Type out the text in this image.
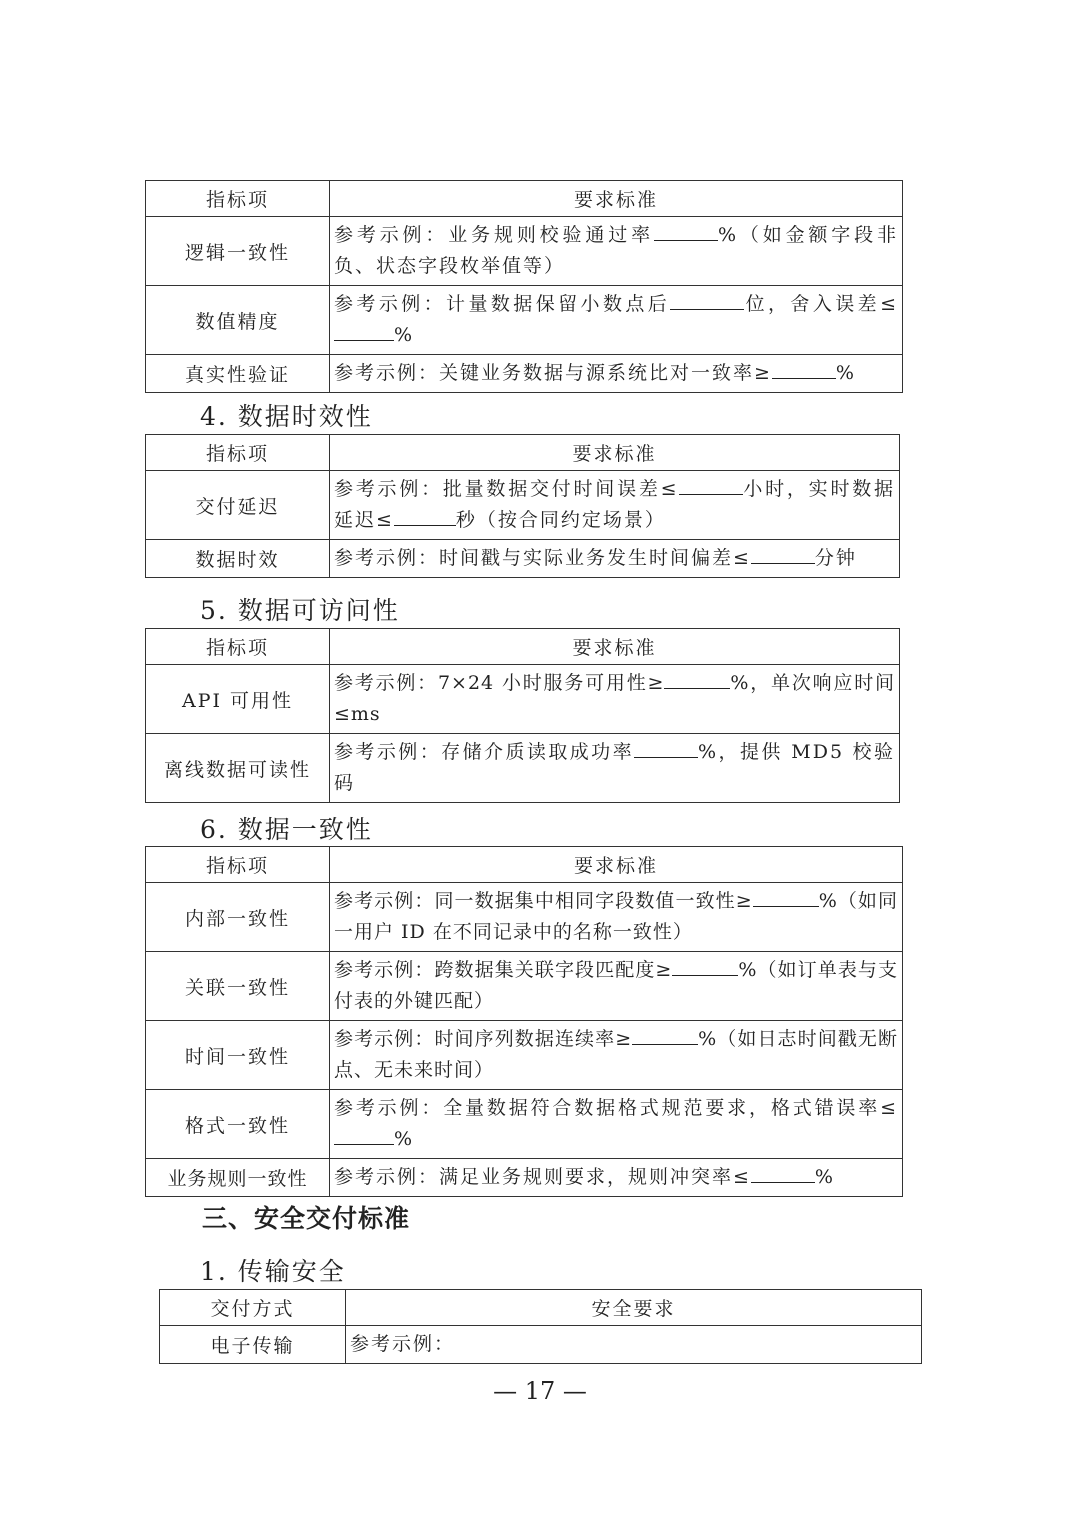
指标项	要求标准
逻辑一致性	参考示例：业务规则校验通过率 %（如金额字段非负、状态字段枚举值等）
数值精度	参考示例：计量数据保留小数点后 位，舍入误差≤%
真实性验证	参考示例：关键业务数据与源系统比对一致率≥ %
4. 数据时效性
指标项	要求标准
交付延迟	参考示例：批量数据交付时间误差≤ 小时，实时数据延迟≤ 秒（按合同约定场景）
数据时效	参考示例：时间戳与实际业务发生时间偏差≤ 分钟
5. 数据可访问性
指标项	要求标准
API 可用性	参考示例：7×24 小时服务可用性≥ %，单次响应时间≤ms
离线数据可读性	参考示例：存储介质读取成功率 %，提供 MD5 校验码
6. 数据一致性
指标项	要求标准
内部一致性	参考示例：同一数据集中相同字段数值一致性≥ %（如同一用户 ID 在不同记录中的名称一致性）
关联一致性	参考示例：跨数据集关联字段匹配度≥ %（如订单表与支付表的外键匹配）
时间一致性	参考示例：时间序列数据连续率≥ %（如日志时间戳无断点、无未来时间）
格式一致性	参考示例：全量数据符合数据格式规范要求，格式错误率≤%
业务规则一致性	参考示例：满足业务规则要求，规则冲突率≤ %
三、安全交付标准
1. 传输安全
交付方式	安全要求
电子传输	参考示例：
— 17 —
